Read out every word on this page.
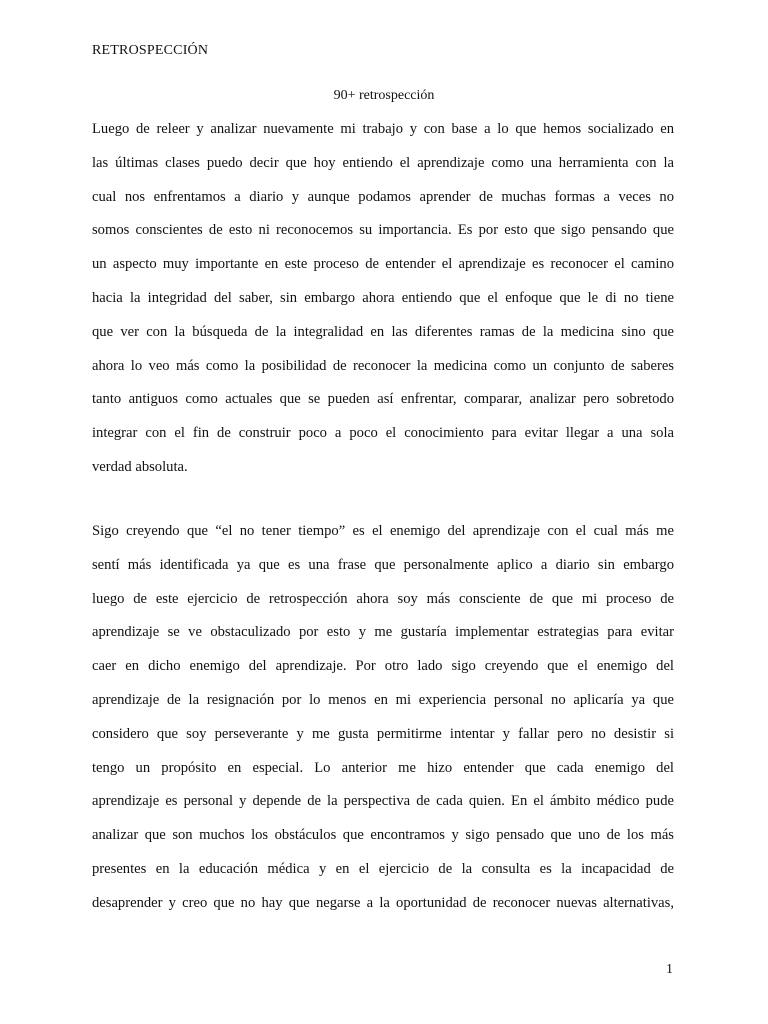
RETROSPECCIÓN
90+ retrospección
Luego de releer y analizar nuevamente mi trabajo y con base a lo que hemos socializado en
las últimas clases puedo decir que hoy entiendo el aprendizaje como una herramienta con la
cual nos enfrentamos a diario y aunque podamos aprender de muchas formas a veces no
somos conscientes de esto ni reconocemos su importancia. Es por esto que sigo pensando que
un aspecto muy importante en este proceso de entender el aprendizaje es reconocer el camino
hacia la integridad del saber, sin embargo ahora entiendo que el enfoque que le di no tiene
que ver con la búsqueda de la integralidad en las diferentes ramas de la medicina sino que
ahora lo veo más como la posibilidad de reconocer la medicina como un conjunto de saberes
tanto antiguos como actuales que se pueden así enfrentar, comparar, analizar pero sobretodo
integrar con el fin de construir poco a poco el conocimiento para evitar llegar a una sola
verdad absoluta.
Sigo creyendo que “el no tener tiempo” es el enemigo del aprendizaje con el cual más me
sentí más identificada ya que es una frase que personalmente aplico a diario sin embargo
luego de este ejercicio de retrospección ahora soy más consciente de que mi proceso de
aprendizaje se ve obstaculizado por esto y me gustaría implementar estrategias para evitar
caer en dicho enemigo del aprendizaje. Por otro lado sigo creyendo que el enemigo del
aprendizaje de la resignación por lo menos en mi experiencia personal no aplicaría ya que
considero que soy perseverante y me gusta permitirme intentar y fallar pero no desistir si
tengo un propósito en especial. Lo anterior me hizo entender que cada enemigo del
aprendizaje es personal y depende de la perspectiva de cada quien. En el ámbito médico pude
analizar que son muchos los obstáculos que encontramos y sigo pensado que uno de los más
presentes en la educación médica y en el ejercicio de la consulta es la incapacidad de
desaprender y creo que no hay que negarse a la oportunidad de reconocer nuevas alternativas,
1
